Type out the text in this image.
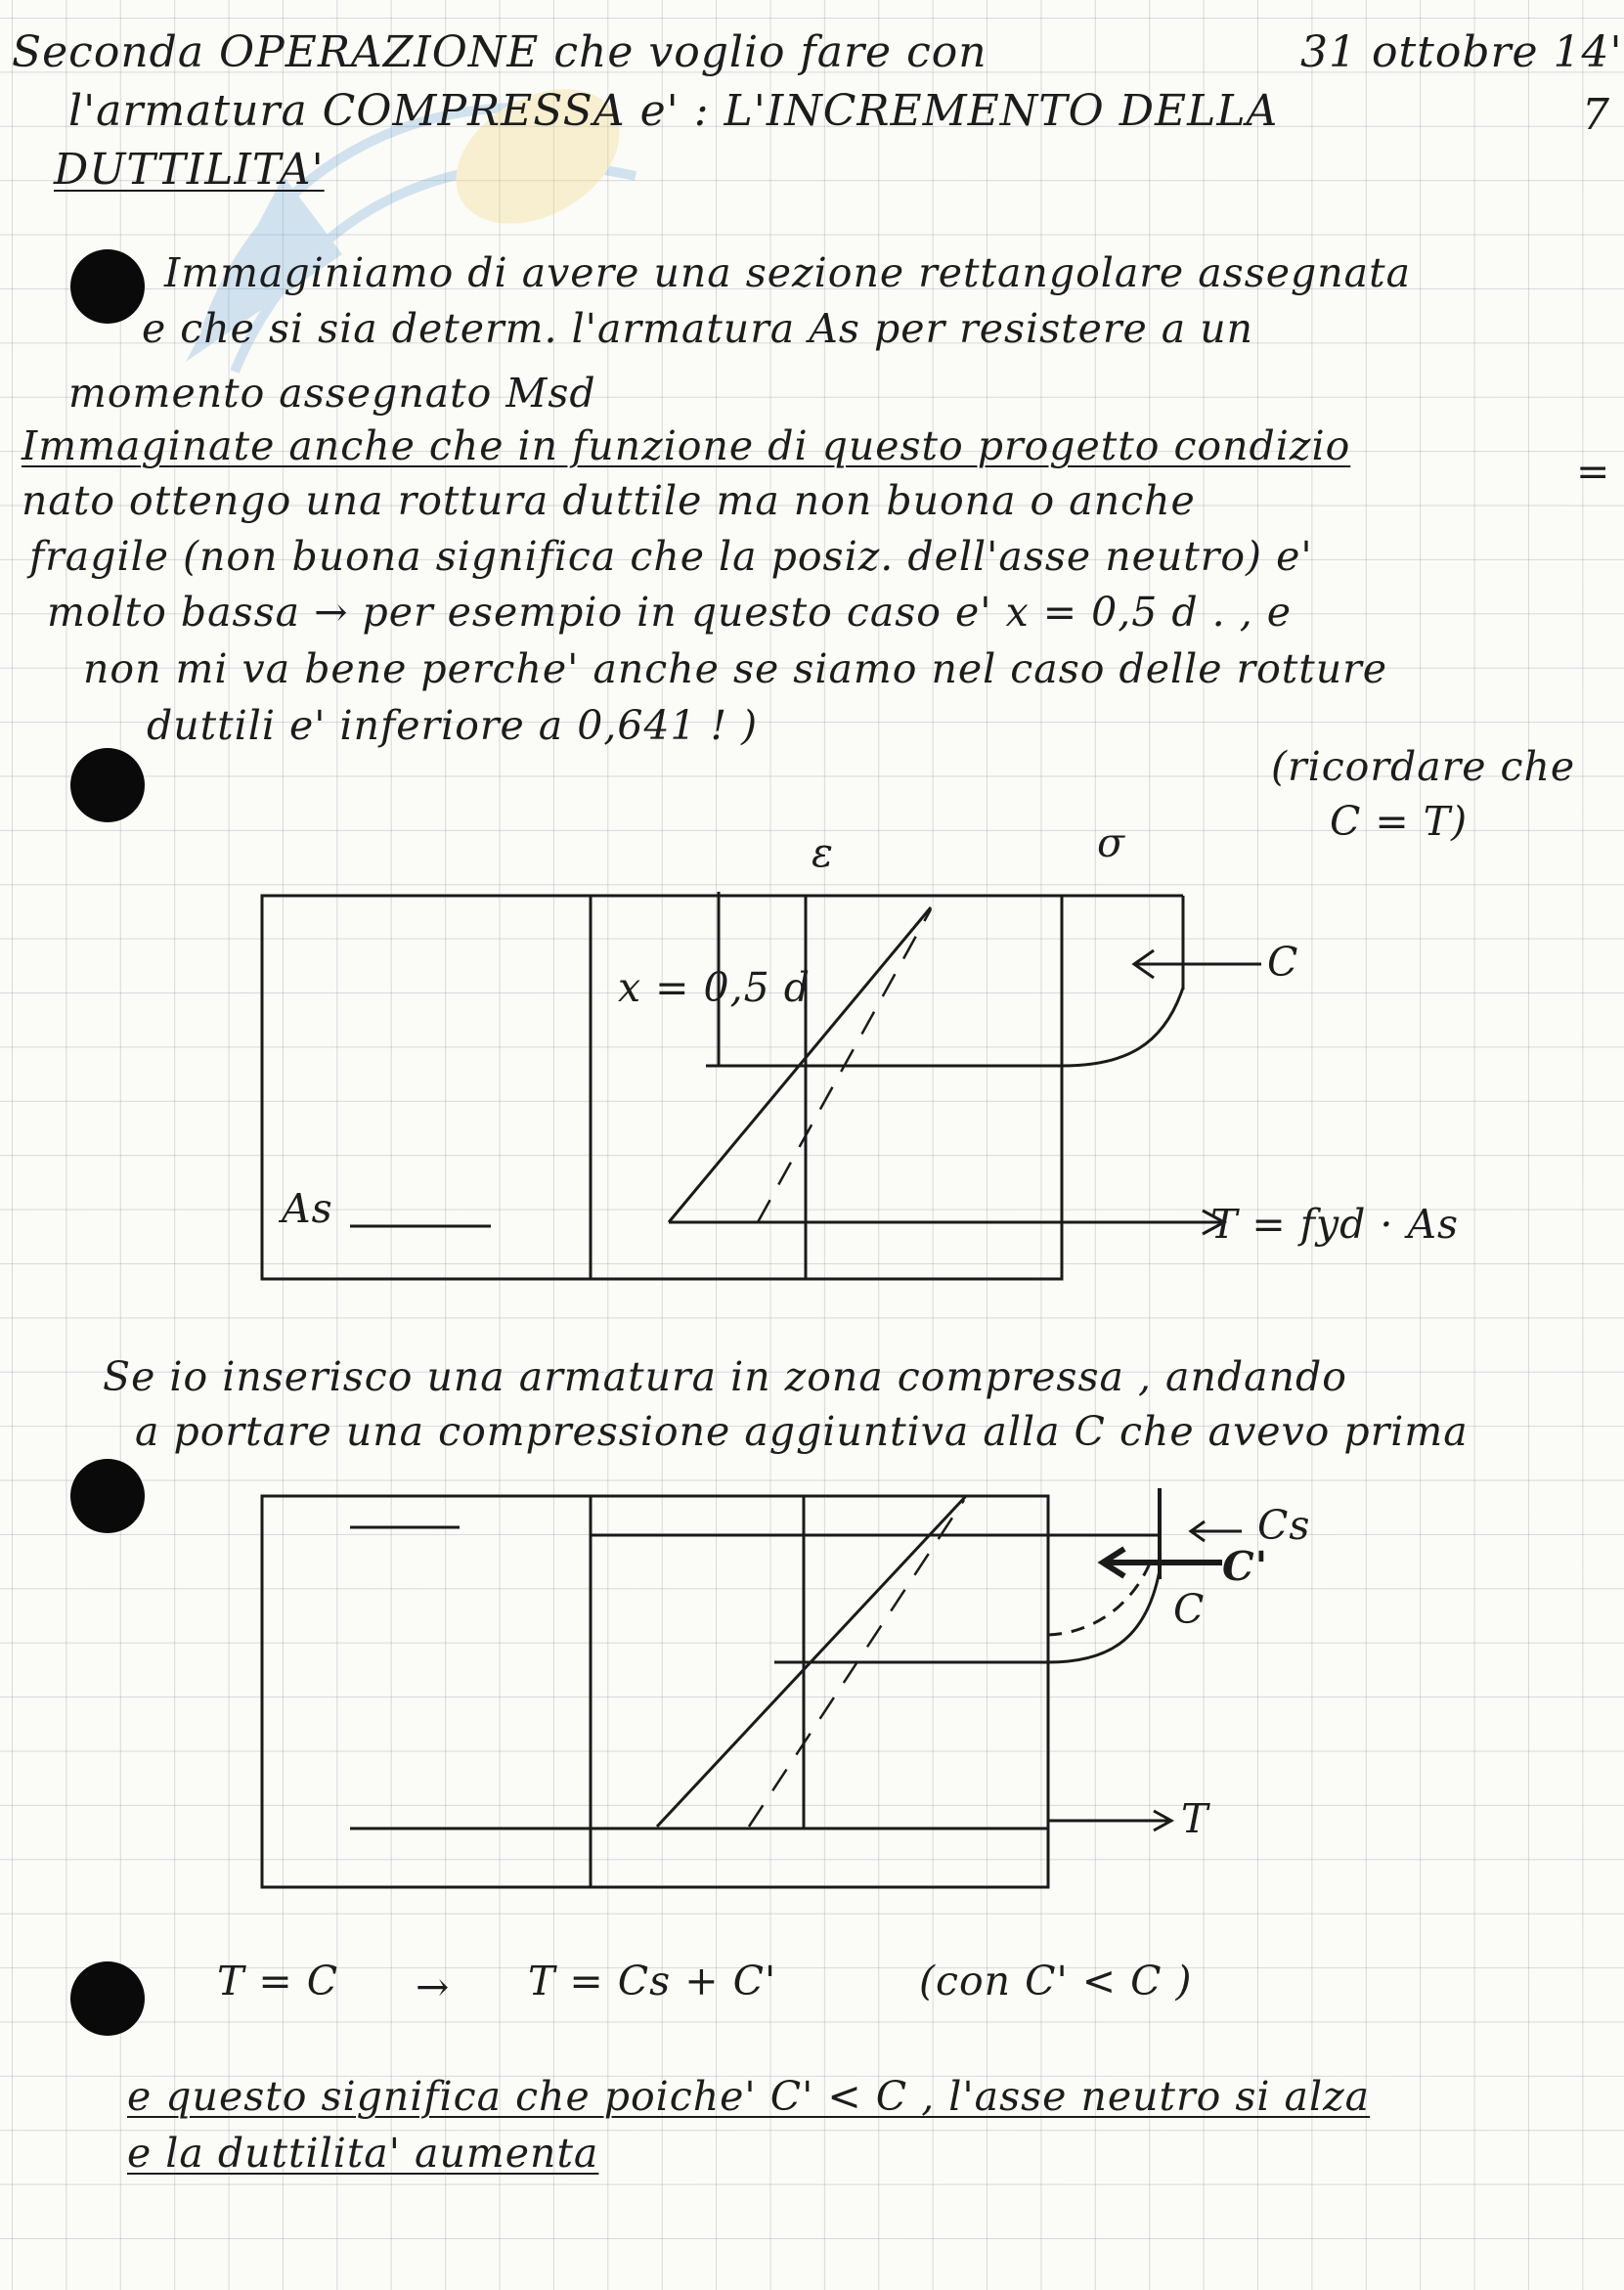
Seconda OPERAZIONE che voglio fare con
l'armatura COMPRESSA e' : L'INCREMENTO DELLA
DUTTILITA'
31 ottobre 14'
7
Immaginiamo di avere una sezione rettangolare assegnata
e che si sia determ. l'armatura As per resistere a un
momento assegnato Msd
Immaginate anche che in funzione di questo progetto condizio
=
nato ottengo una rottura duttile ma non buona o anche
fragile (non buona significa che la posiz. dell'asse neutro) e'
molto bassa → per esempio in questo caso e' x = 0,5 d . , e
non mi va bene perche' anche se siamo nel caso delle rotture
duttili e' inferiore a 0,641 ! )
(ricordare che
C = T)
ε	σ
x = 0,5 d
C
As	T = fyd · As
Se io inserisco una armatura in zona compressa , andando
a portare una compressione aggiuntiva alla C che avevo prima
Cs
C'
C
T
T = C → T = Cs + C'	(con C' < C )
e questo significa che poiche' C' < C , l'asse neutro si alza
e la duttilita' aumenta
